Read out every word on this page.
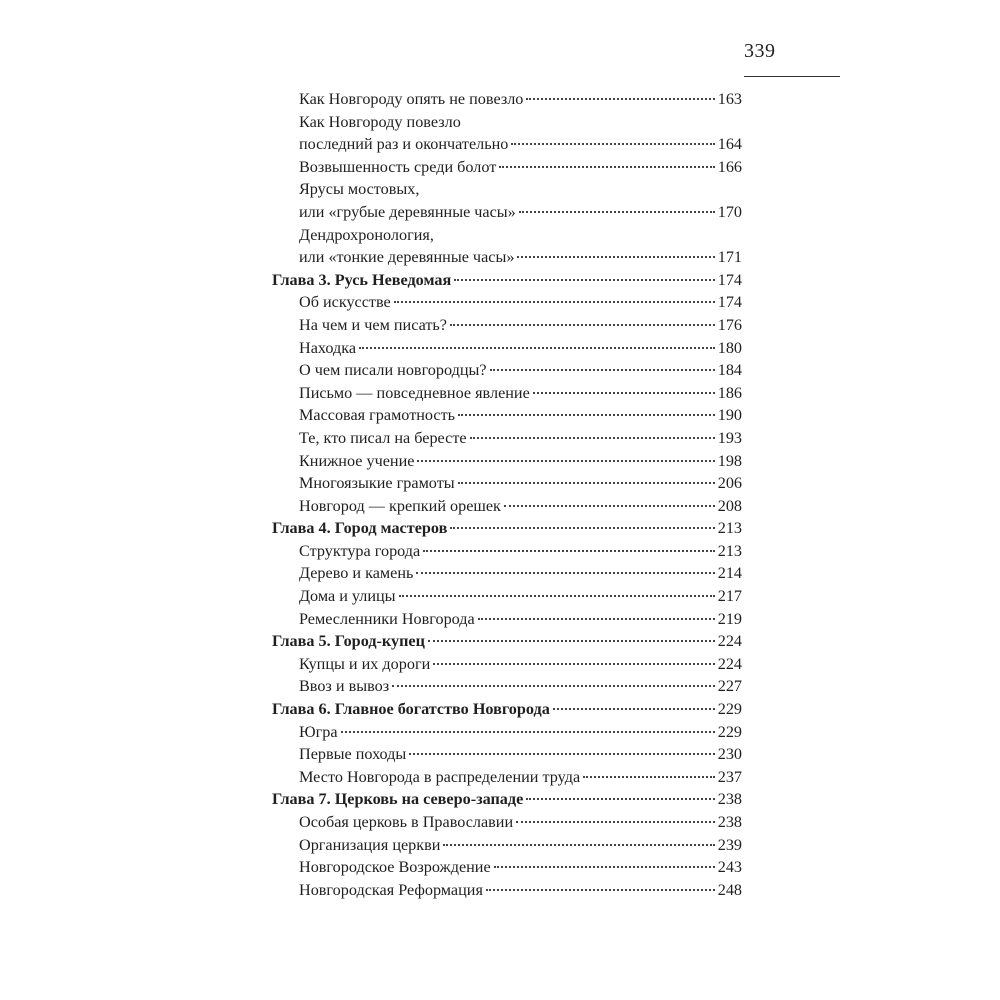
339
Как Новгороду опять не повезло	163
Как Новгороду повезло
последний раз и окончательно	164
Возвышенность среди болот	166
Ярусы мостовых,
или «грубые деревянные часы»	170
Дендрохронология,
или «тонкие деревянные часы»	171
Глава 3. Русь Неведомая	174
Об искусстве	174
На чем и чем писать?	176
Находка	180
О чем писали новгородцы?	184
Письмо — повседневное явление	186
Массовая грамотность	190
Те, кто писал на бересте	193
Книжное учение	198
Многоязыкие грамоты	206
Новгород — крепкий орешек	208
Глава 4. Город мастеров	213
Структура города	213
Дерево и камень	214
Дома и улицы	217
Ремесленники Новгорода	219
Глава 5. Город-купец	224
Купцы и их дороги	224
Ввоз и вывоз	227
Глава 6. Главное богатство Новгорода	229
Югра	229
Первые походы	230
Место Новгорода в распределении труда	237
Глава 7. Церковь на северо-западе	238
Особая церковь в Православии	238
Организация церкви	239
Новгородское Возрождение	243
Новгородская Реформация	248
